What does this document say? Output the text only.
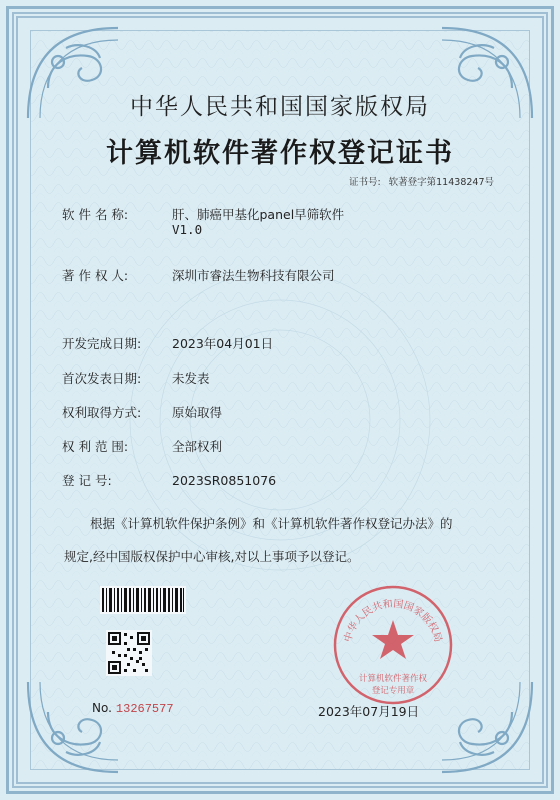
中华人民共和国国家版权局
计算机软件著作权登记证书
证书号: 软著登字第11438247号
软 件 名 称:	肝、肺癌甲基化panel早筛软件
V1.0
著 作 权 人:	深圳市睿法生物科技有限公司
开发完成日期: 2023年04月01日
首次发表日期: 未发表
权利取得方式: 原始取得
权 利 范 围:	全部权利
登 记 号:	2023SR0851076
根据《计算机软件保护条例》和《计算机软件著作权登记办法》的
规定,经中国版权保护中心审核,对以上事项予以登记。
No. 13267577
中华人民共和国国家版权局
计算机软件著作权
登记专用章
2023年07月19日
